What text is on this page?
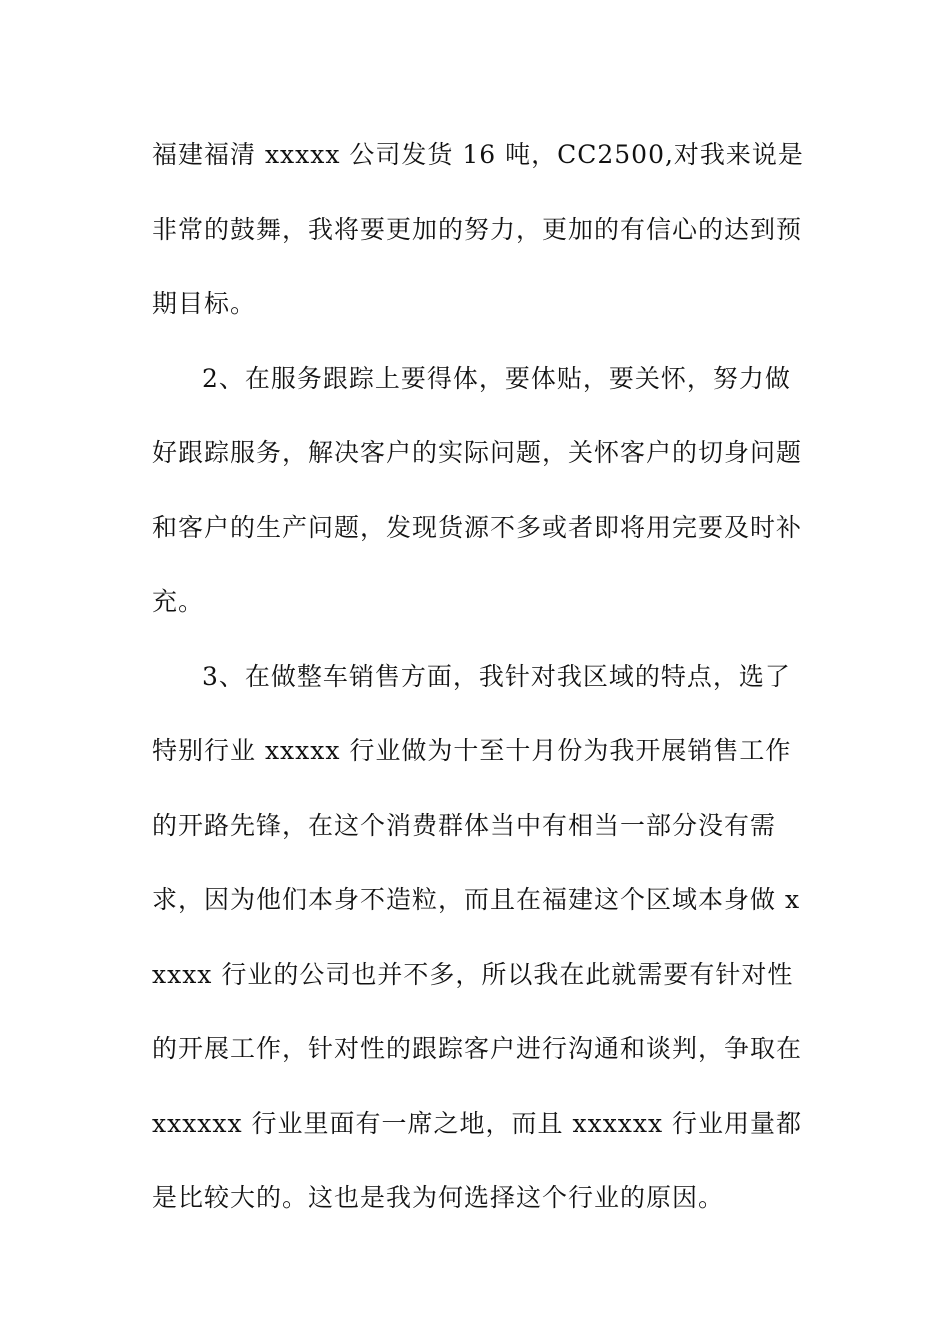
福建福清 xxxxx 公司发货 16 吨，CC2500,对我来说是非常的鼓舞，我将要更加的努力，更加的有信心的达到预期目标。

2、在服务跟踪上要得体，要体贴，要关怀，努力做好跟踪服务，解决客户的实际问题，关怀客户的切身问题和客户的生产问题，发现货源不多或者即将用完要及时补充。

3、在做整车销售方面，我针对我区域的特点，选了特别行业 xxxxx 行业做为十至十月份为我开展销售工作的开路先锋，在这个消费群体当中有相当一部分没有需求，因为他们本身不造粒，而且在福建这个区域本身做 xxxxx 行业的公司也并不多，所以我在此就需要有针对性的开展工作，针对性的跟踪客户进行沟通和谈判，争取在 xxxxxx 行业里面有一席之地，而且 xxxxxx 行业用量都是比较大的。这也是我为何选择这个行业的原因。
